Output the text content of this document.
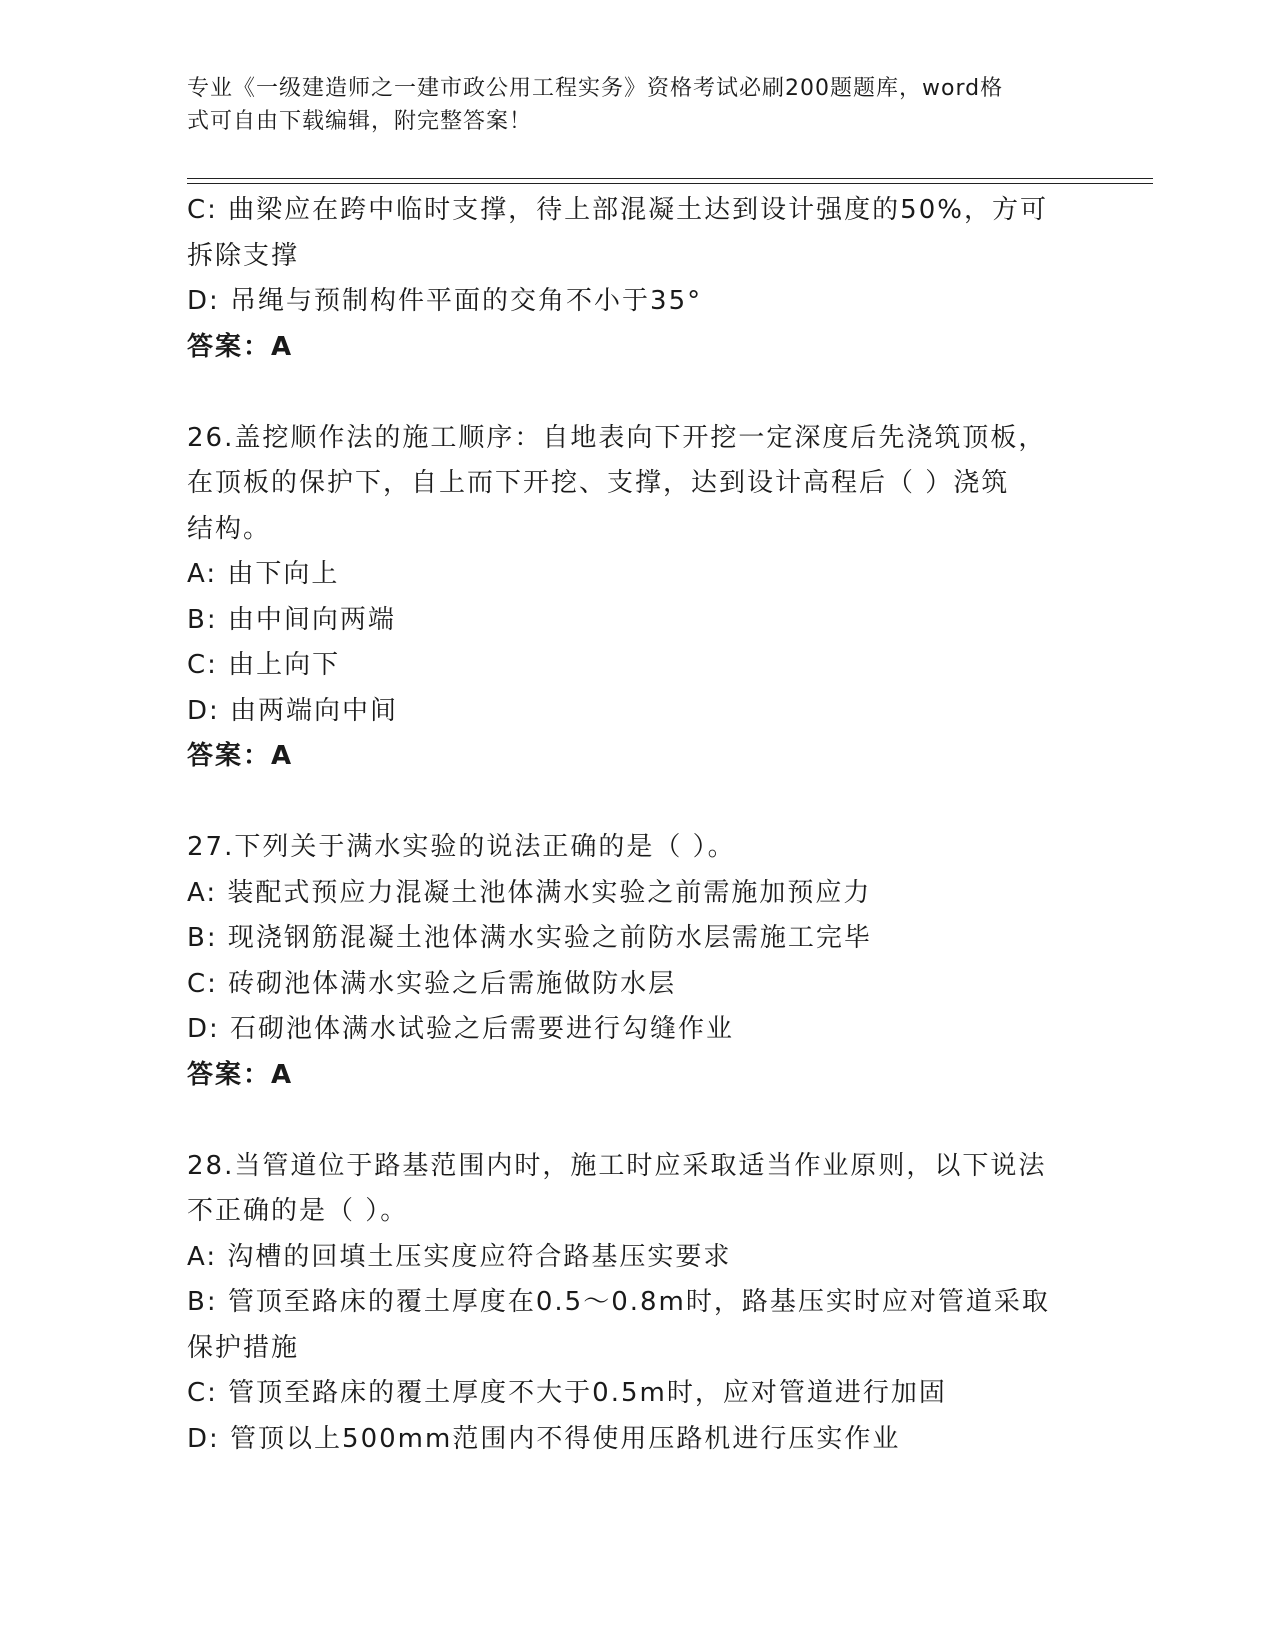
专业《一级建造师之一建市政公用工程实务》资格考试必刷200题题库，word格
式可自由下载编辑，附完整答案！
C: 曲梁应在跨中临时支撑，待上部混凝土达到设计强度的50%，方可
拆除支撑
D: 吊绳与预制构件平面的交角不小于35°
答案：A
26.盖挖顺作法的施工顺序：自地表向下开挖一定深度后先浇筑顶板，
在顶板的保护下，自上而下开挖、支撑，达到设计高程后（ ）浇筑
结构。
A: 由下向上
B: 由中间向两端
C: 由上向下
D: 由两端向中间
答案：A
27.下列关于满水实验的说法正确的是（ ）。
A: 装配式预应力混凝土池体满水实验之前需施加预应力
B: 现浇钢筋混凝土池体满水实验之前防水层需施工完毕
C: 砖砌池体满水实验之后需施做防水层
D: 石砌池体满水试验之后需要进行勾缝作业
答案：A
28.当管道位于路基范围内时，施工时应采取适当作业原则，以下说法
不正确的是（ ）。
A: 沟槽的回填土压实度应符合路基压实要求
B: 管顶至路床的覆土厚度在0.5～0.8m时，路基压实时应对管道采取
保护措施
C: 管顶至路床的覆土厚度不大于0.5m时，应对管道进行加固
D: 管顶以上500mm范围内不得使用压路机进行压实作业
